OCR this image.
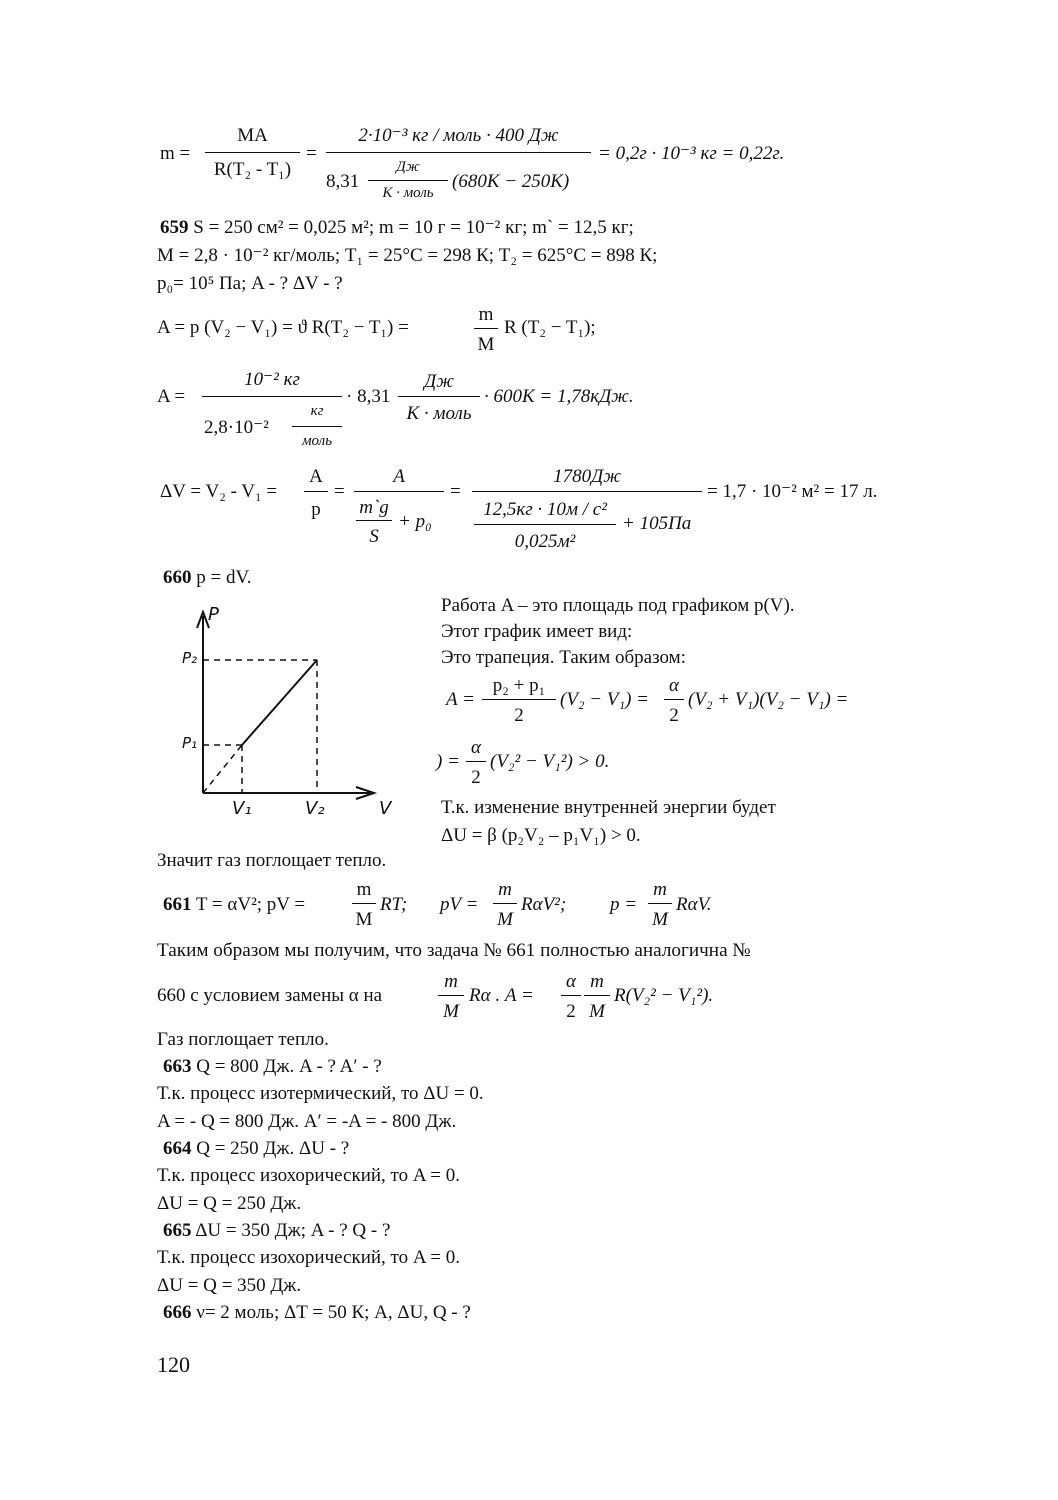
m =
MA
R(T₂ - T₁)
=
2·10⁻³ кг / моль · 400 Дж
8,31
Дж
К · моль
(680К − 250К)
= 0,2г · 10⁻³ кг = 0,22г.
659 S = 250 см² = 0,025 м²; m = 10 г = 10⁻² кг; m` = 12,5 кг;
M = 2,8 · 10⁻² кг/моль; T₁ = 25°C = 298 К; T₂ = 625°C = 898 К;
p₀= 10⁵ Па; A - ? ΔV - ?
A = p (V₂ − V₁) = ϑ R(T₂ − T₁) =
m
M
R (T₂ − T₁);
A =
10⁻² кг
2,8·10⁻²
кг
моль
· 8,31
Дж
К · моль
· 600К = 1,78кДж.
ΔV = V₂ - V₁ =
A
p
=
A
m`g
S
+ p₀
=
1780Дж
12,5кг · 10м / с²
0,025м²
+ 105Па
= 1,7 · 10⁻² м² = 17 л.
660 p = dV.
P
V
P₁
P₂
V₁	V₂
Работа A – это площадь под графиком p(V).
Этот график имеет вид:
Это трапеция. Таким образом:
A =
p₂ + p₁
2
(V₂ − V₁) =
α
2
(V₂ + V₁)(V₂ − V₁) =
) =
α
2
(V₂² − V₁²) > 0.
Т.к. изменение внутренней энергии будет
ΔU = β (p₂V₂ – p₁V₁) > 0.
Значит газ поглощает тепло.
661 T = αV²; pV =
m
M
RT; pV =
m
M
RαV²; p =
m
M
RαV.
Таким образом мы получим, что задача № 661 полностью аналогична №
660 с условием замены α на
m
M
Rα . A =
α
2
m
M
R(V₂² − V₁²).
Газ поглощает тепло.
663 Q = 800 Дж. A - ? A′ - ?
Т.к. процесс изотермический, то ΔU = 0.
A = - Q = 800 Дж. A′ = -A = - 800 Дж.
664 Q = 250 Дж. ΔU - ?
Т.к. процесс изохорический, то A = 0.
ΔU = Q = 250 Дж.
665 ΔU = 350 Дж; A - ? Q - ?
Т.к. процесс изохорический, то A = 0.
ΔU = Q = 350 Дж.
666 ν= 2 моль; ΔT = 50 К; A, ΔU, Q - ?
120
